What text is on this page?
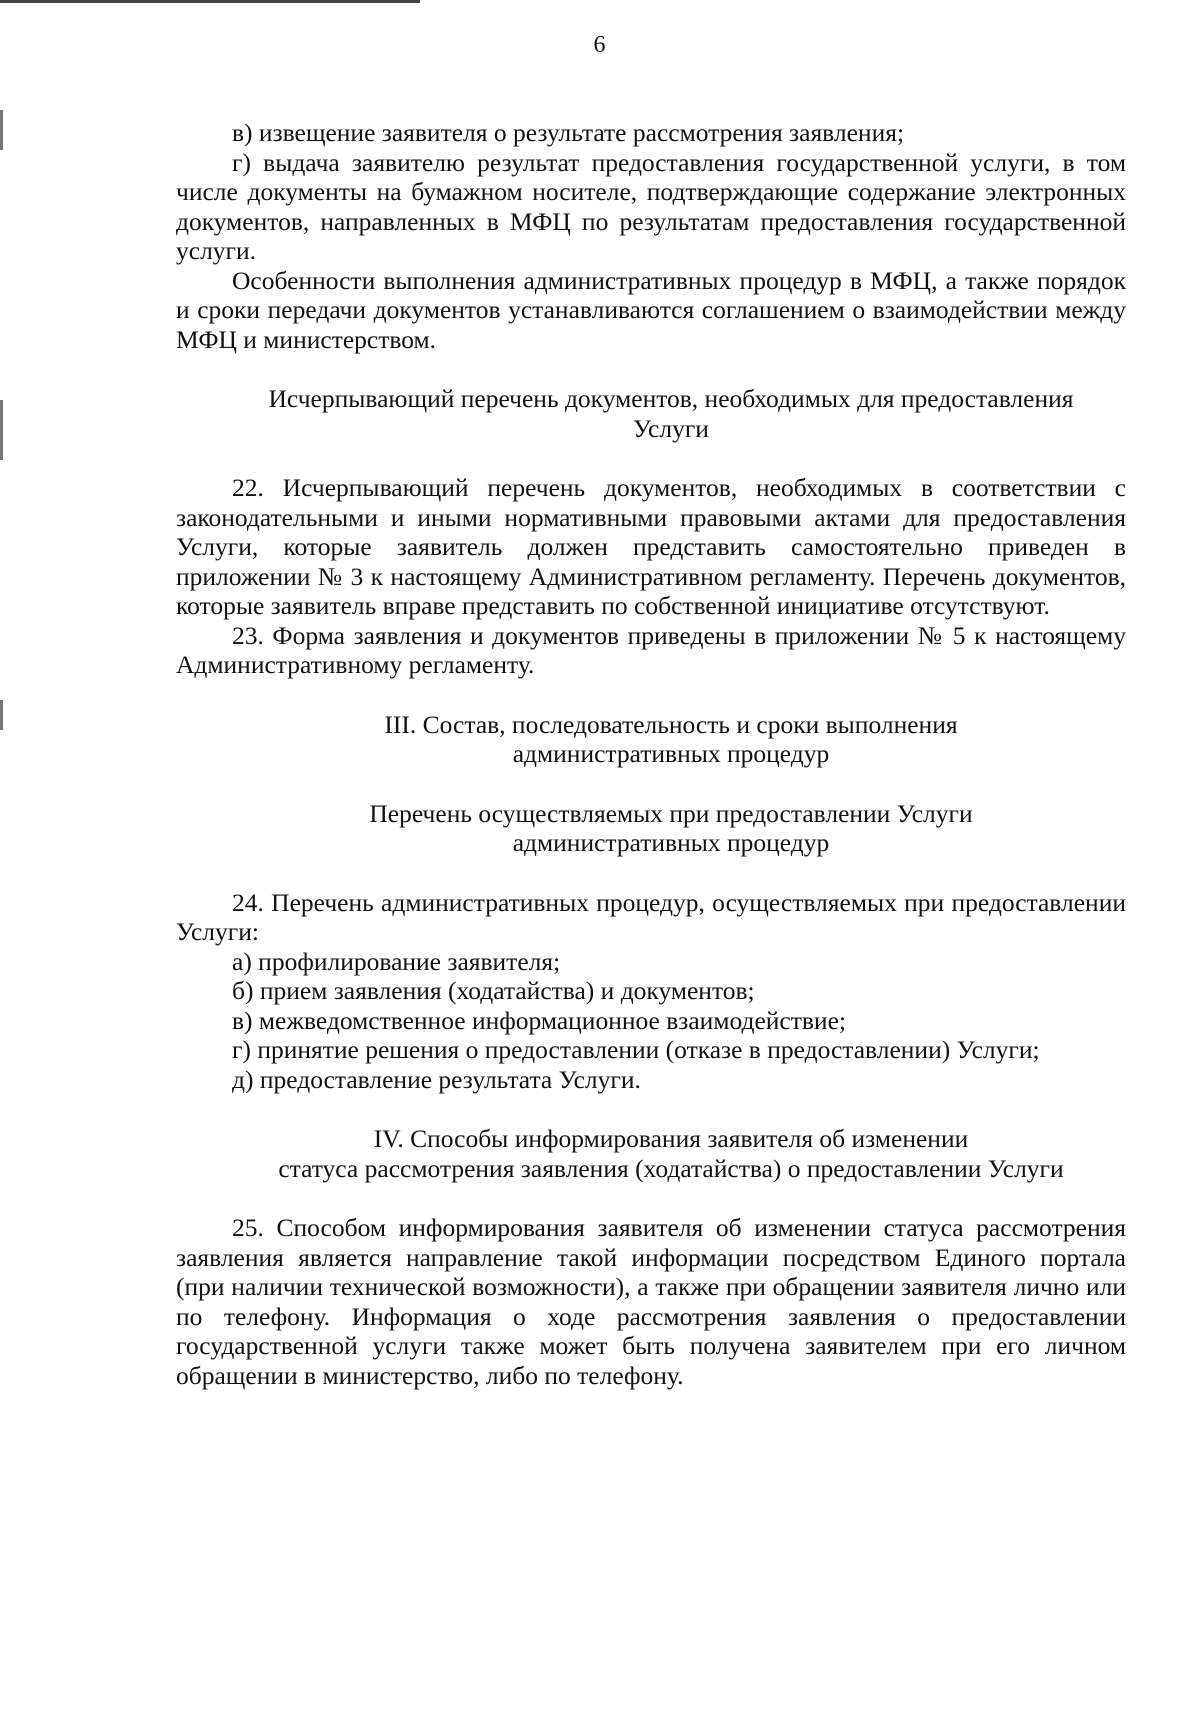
6

в) извещение заявителя о результате рассмотрения заявления;

г) выдача заявителю результат предоставления государственной услуги, в том числе документы на бумажном носителе, подтверждающие содержание электронных документов, направленных в МФЦ по результатам предоставления государственной услуги.

Особенности выполнения административных процедур в МФЦ, а также порядок и сроки передачи документов устанавливаются соглашением о взаимодействии между МФЦ и министерством.

Исчерпывающий перечень документов, необходимых для предоставления

Услуги

22. Исчерпывающий перечень документов, необходимых в соответствии с законодательными и иными нормативными правовыми актами для предоставления Услуги, которые заявитель должен представить самостоятельно приведен в приложении № 3 к настоящему Административном регламенту. Перечень документов, которые заявитель вправе представить по собственной инициативе отсутствуют.

23. Форма заявления и документов приведены в приложении № 5 к настоящему Административному регламенту.

III. Состав, последовательность и сроки выполнения

административных процедур

Перечень осуществляемых при предоставлении Услуги

административных процедур

24. Перечень административных процедур, осуществляемых при предоставлении Услуги:

а) профилирование заявителя;

б) прием заявления (ходатайства) и документов;

в) межведомственное информационное взаимодействие;

г) принятие решения о предоставлении (отказе в предоставлении) Услуги;

д) предоставление результата Услуги.

IV. Способы информирования заявителя об изменении

статуса рассмотрения заявления (ходатайства) о предоставлении Услуги

25. Способом информирования заявителя об изменении статуса рассмотрения заявления является направление такой информации посредством Единого портала (при наличии технической возможности), а также при обращении заявителя лично или по телефону. Информация о ходе рассмотрения заявления о предоставлении государственной услуги также может быть получена заявителем при его личном обращении в министерство, либо по телефону.
